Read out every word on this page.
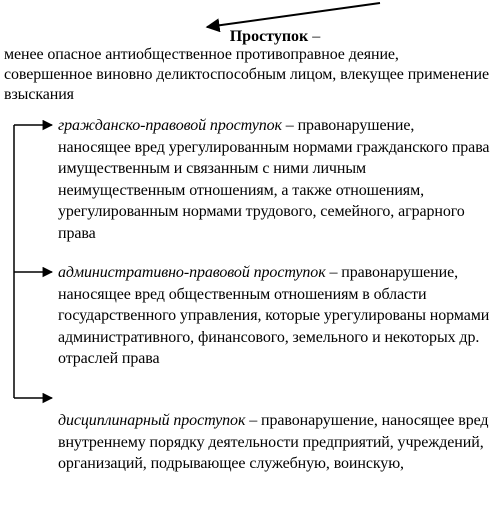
Проступок –
менее опасное антиобщественное противоправное деяние, совершенное виновно деликтоспособным лицом, влекущее применение взыскания
гражданско-правовой проступок – правонарушение, наносящее вред урегулированным нормами гражданского права имущественным и связанным с ними личным неимущественным отношениям, а также отношениям, урегулированным нормами трудового, семейного, аграрного права
административно-правовой проступок – правонарушение, наносящее вред общественным отношениям в области государственного управления, которые урегулированы нормами административного, финансового, земельного и некоторых др. отраслей права
дисциплинарный проступок – правонарушение, наносящее вред внутреннему порядку деятельности предприятий, учреждений, организаций, подрывающее служебную, воинскую,
